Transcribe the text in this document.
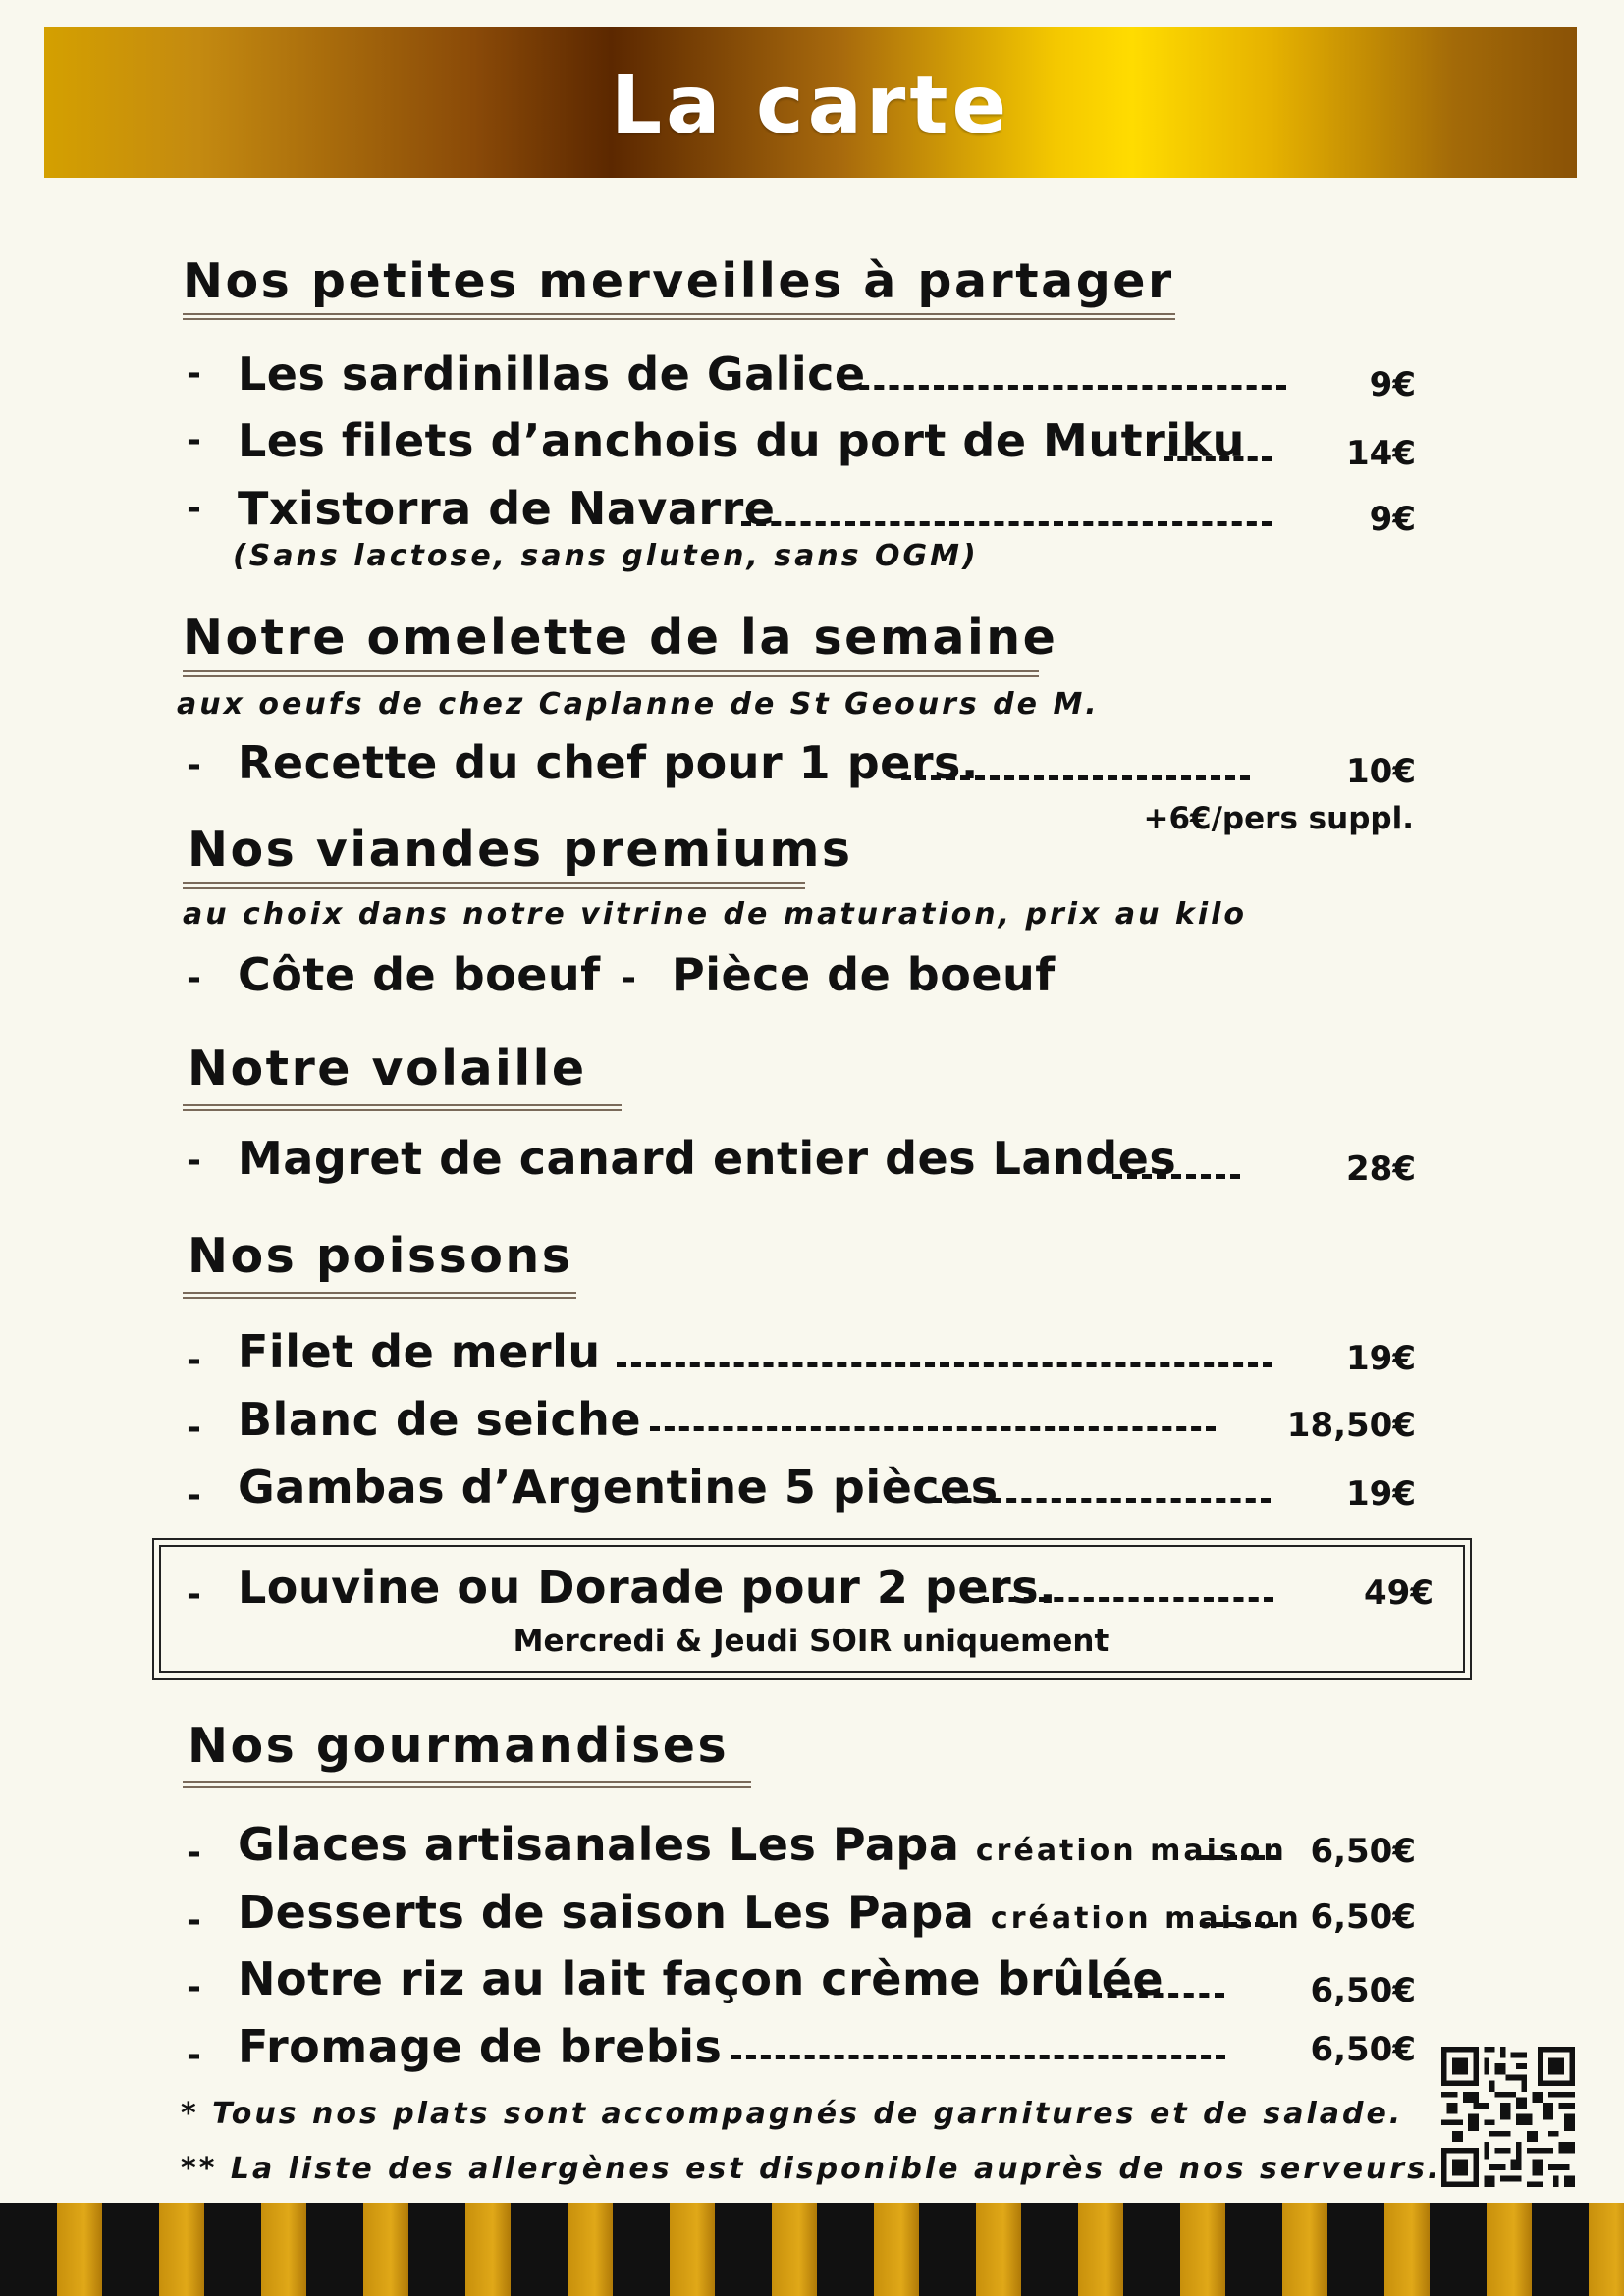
La carte
Nos petites merveilles à partager
- Les sardinillas de Galice	9€
- Les filets d’anchois du port de Mutriku	14€
- Txistorra de Navarre	9€
(Sans lactose, sans gluten, sans OGM)
Notre omelette de la semaine
aux oeufs de chez Caplanne de St Geours de M.
- Recette du chef pour 1 pers.	10€
+6€/pers suppl.
Nos viandes premiums
au choix dans notre vitrine de maturation, prix au kilo
- Côte de boeuf - Pièce de boeuf
Notre volaille
- Magret de canard entier des Landes	28€
Nos poissons
- Filet de merlu	19€
- Blanc de seiche	18,50€
- Gambas d’Argentine 5 pièces	19€
- Louvine ou Dorade pour 2 pers.	49€
Mercredi & Jeudi SOIR uniquement
Nos gourmandises
- Glaces artisanales Les Papa création maison 6,50€
- Desserts de saison Les Papa création maison 6,50€
- Notre riz au lait façon crème brûlée	6,50€
- Fromage de brebis	6,50€
* Tous nos plats sont accompagnés de garnitures et de salade.
** La liste des allergènes est disponible auprès de nos serveurs.
